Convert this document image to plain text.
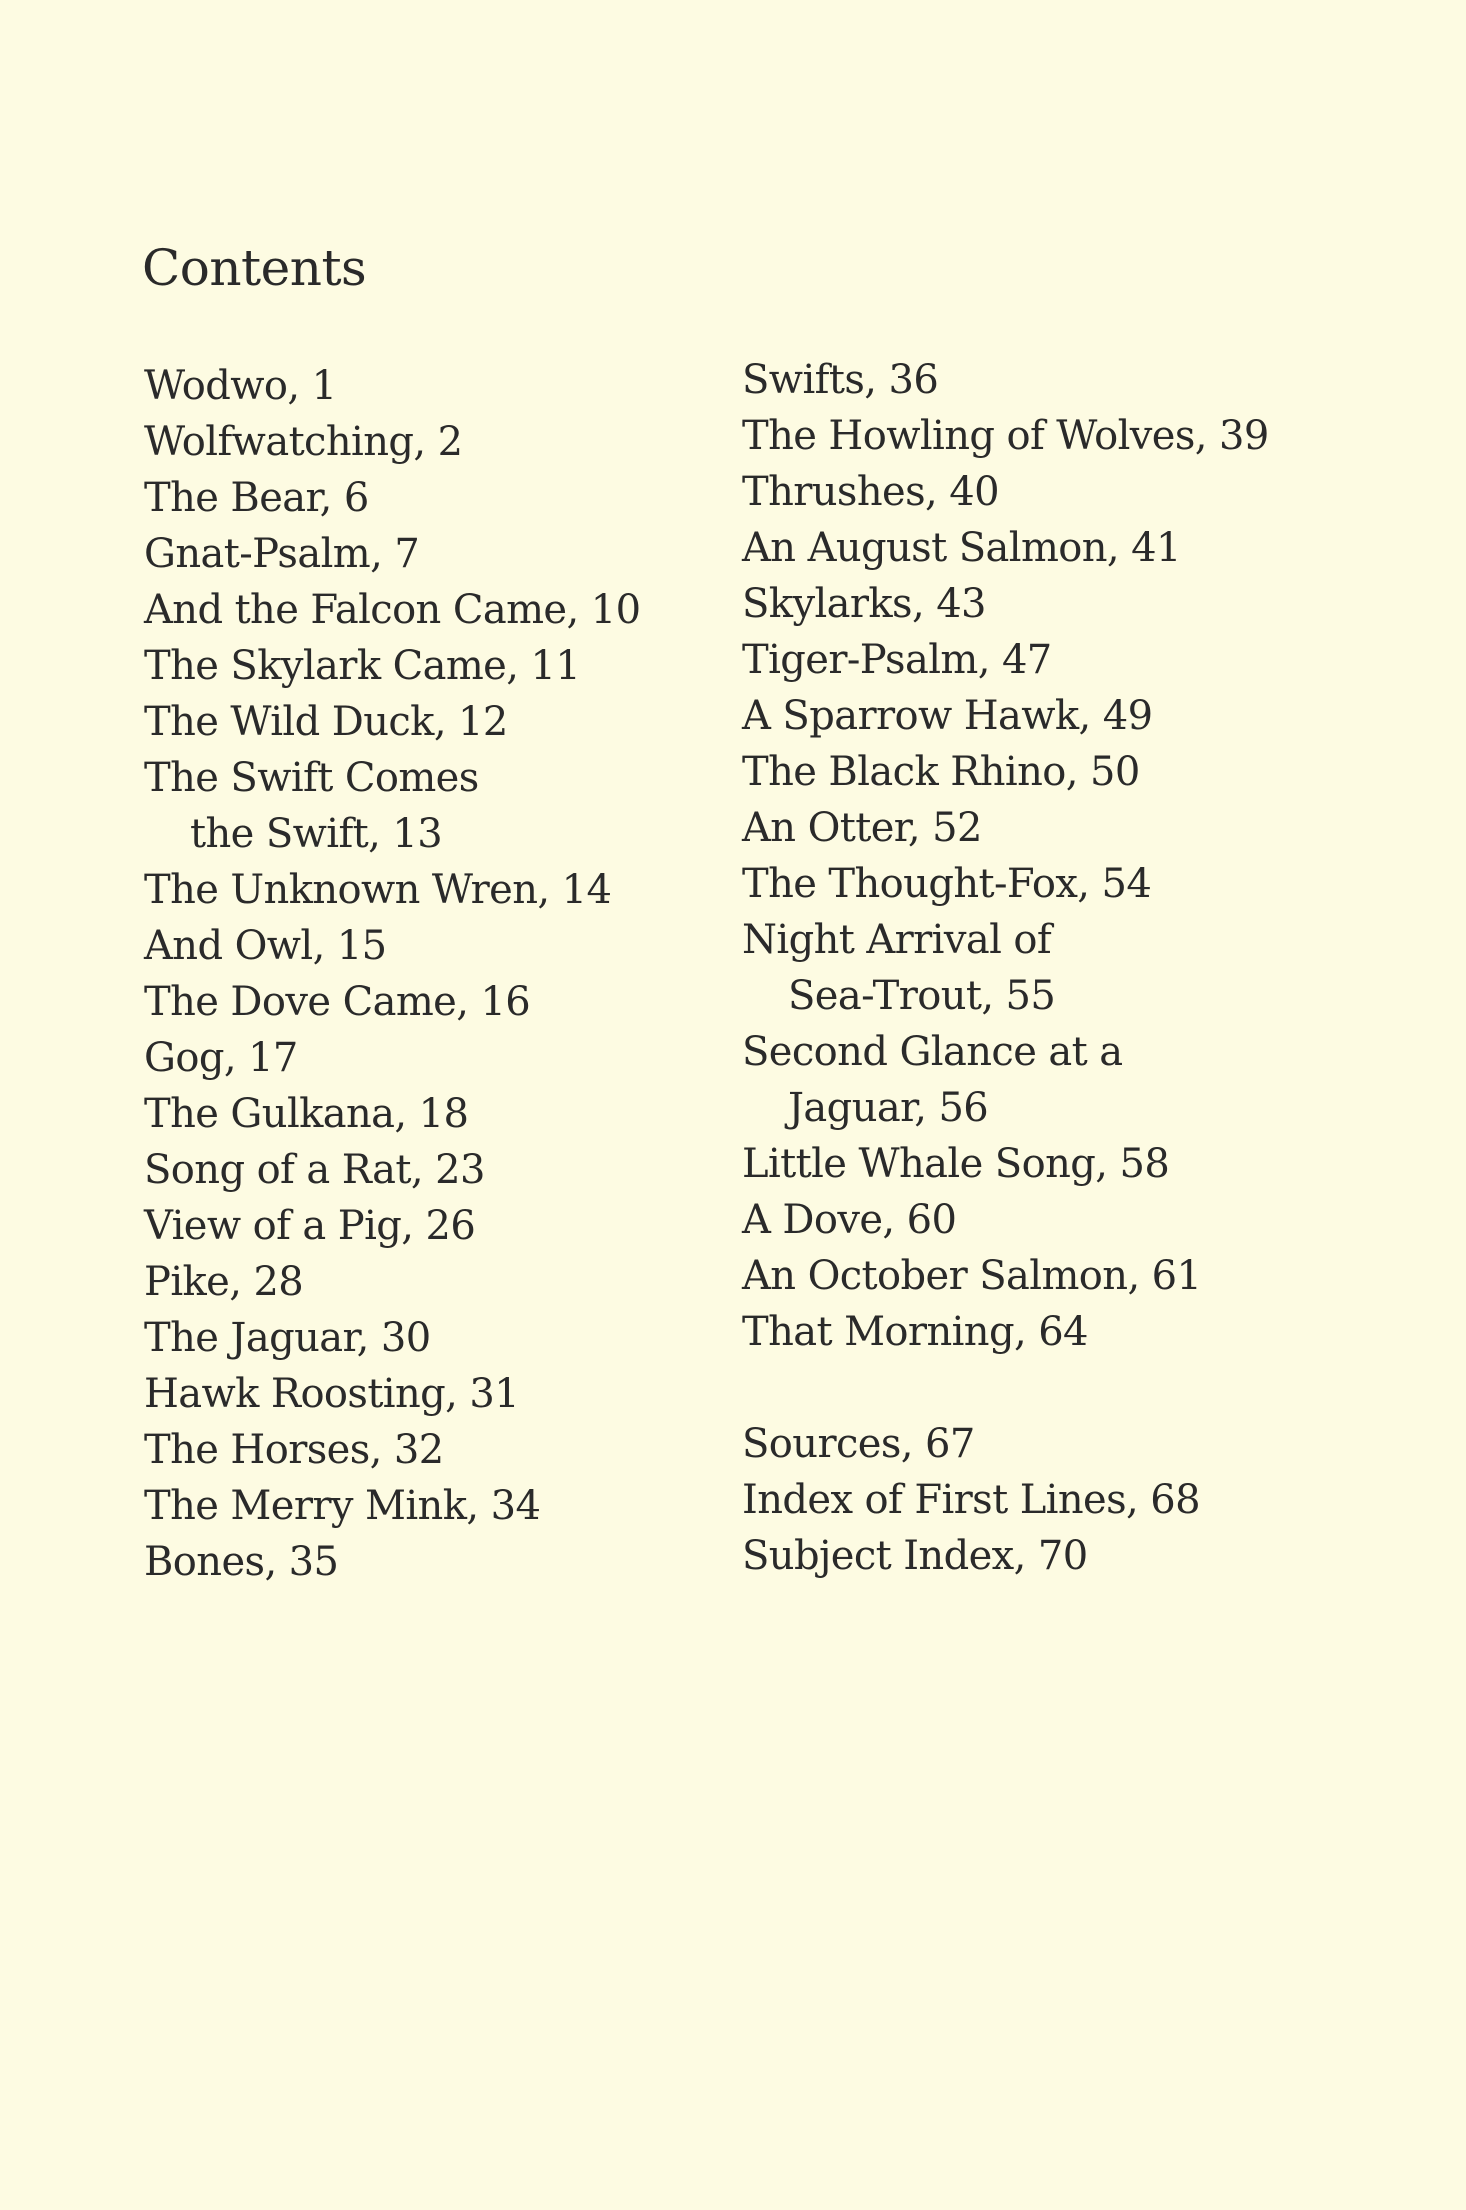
Contents
Wodwo, 1
Wolfwatching, 2
The Bear, 6
Gnat-Psalm, 7
And the Falcon Came, 10
The Skylark Came, 11
The Wild Duck, 12
The Swift Comes
the Swift, 13
The Unknown Wren, 14
And Owl, 15
The Dove Came, 16
Gog, 17
The Gulkana, 18
Song of a Rat, 23
View of a Pig, 26
Pike, 28
The Jaguar, 30
Hawk Roosting, 31
The Horses, 32
The Merry Mink, 34
Bones, 35
Swifts, 36
The Howling of Wolves, 39
Thrushes, 40
An August Salmon, 41
Skylarks, 43
Tiger-Psalm, 47
A Sparrow Hawk, 49
The Black Rhino, 50
An Otter, 52
The Thought-Fox, 54
Night Arrival of
Sea-Trout, 55
Second Glance at a
Jaguar, 56
Little Whale Song, 58
A Dove, 60
An October Salmon, 61
That Morning, 64
Sources, 67
Index of First Lines, 68
Subject Index, 70
